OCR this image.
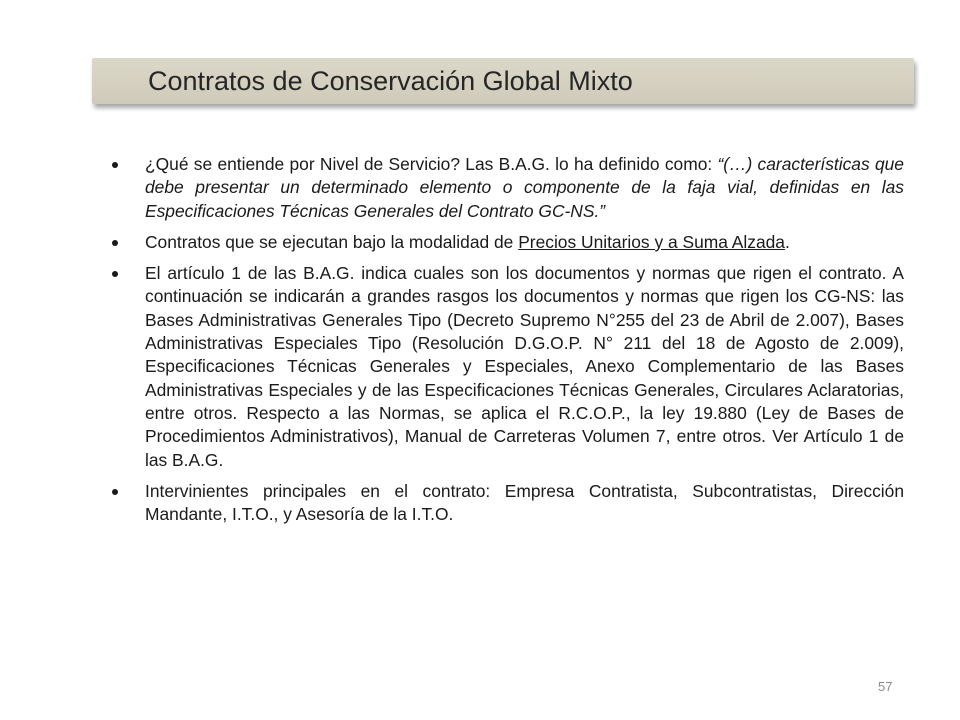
Contratos de Conservación Global Mixto
¿Qué se entiende por Nivel de Servicio? Las B.A.G. lo ha definido como: “(…) características que debe presentar un determinado elemento o componente de la faja vial, definidas en las Especificaciones Técnicas Generales del Contrato GC-NS.”
Contratos que se ejecutan bajo la modalidad de Precios Unitarios y a Suma Alzada.
El artículo 1 de las B.A.G. indica cuales son los documentos y normas que rigen el contrato. A continuación se indicarán a grandes rasgos los documentos y normas que rigen los CG-NS: las Bases Administrativas Generales Tipo (Decreto Supremo N°255 del 23 de Abril de 2.007), Bases Administrativas Especiales Tipo (Resolución D.G.O.P. N° 211 del 18 de Agosto de 2.009), Especificaciones Técnicas Generales y Especiales, Anexo Complementario de las Bases Administrativas Especiales y de las Especificaciones Técnicas Generales, Circulares Aclaratorias, entre otros. Respecto a las Normas, se aplica el R.C.O.P., la ley 19.880 (Ley de Bases de Procedimientos Administrativos), Manual de Carreteras Volumen 7, entre otros. Ver Artículo 1 de las B.A.G.
Intervinientes principales en el contrato: Empresa Contratista, Subcontratistas, Dirección Mandante, I.T.O., y Asesoría de la I.T.O.
57
